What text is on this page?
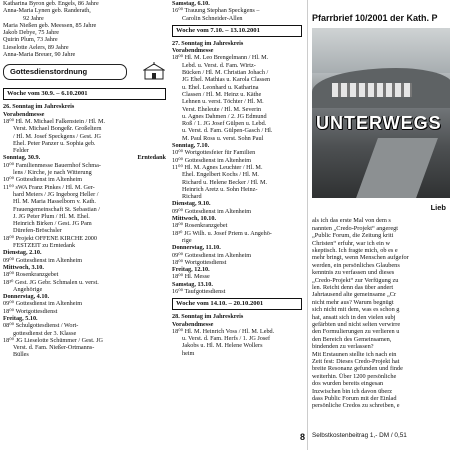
Katharina Byron geb. Engels, 86 Jahre
Anna-Maria Lynen geb. Randerath,
92 Jahre
Maria Nießen geb. Meessen, 85 Jahre
Jakob Debye, 75 Jahre
Quirin Plum, 73 Jahre
Lieselotte Aelers, 89 Jahre
Anna-Maria Breuer, 90 Jahre
Gottesdienstordnung
Woche vom 30.9. – 6.10.2001
26. Sonntag im Jahreskreis
Vorabendmesse
18⁰⁰ Hl. M. Michael Falkenstein / Hl. M.
Verst. Michael Bongeßr. Großeltern
/ Hl. M. Josef Speckgens / Gest. JG
Ehel. Peter Panzer u. Sophia geb.
Felder
Sonntag, 30.9.	Erntedank
10⁰⁰ Familienmesse Bauernhof Schma-
lens / Kirche, je nach Witterung
10⁰⁰ Gottesdienst im Altenheim
11⁰⁰ sWA Franz Pinkes / Hl. M. Ger-
hard Meiers / JG Ingeborg Heller /
Hl. M. Maria Hasselborn v. Kath.
Frauengemeinschaft St. Sebastian /
J. JG Peter Plum / Hl. M. Ehel.
Heinrich Birken / Gest. JG Pam
Dürefen-Bröschsler
18⁰⁰ Projekt OFFENE KIRCHE 2000
FESTZEIT zu Erntedank
Dienstag, 2.10.
09⁰⁰ Gottesdienst im Altenheim
Mittwoch, 3.10.
18⁰⁰ Rosenkranzgebet
18³⁰ Gest. JG Gebr. Schmalen u. verst.
Angehörige
Donnerstag, 4.10.
09⁰⁰ Gottesdienst im Altenheim
18⁰⁰ Wortgottesdienst
Freitag, 5.10.
08⁰⁰ Schulgottesdienst / Wort-
gottesdienst der 3. Klasse
18⁰⁰ JG Lieselotte Schümmer / Gest. JG
Verst. d. Fam. Nießer-Ortmanns-
Bülles
Samstag, 6.10.
16⁰⁰ Trauung Stephan Speckgens –
Carolin Schneider-Allen
Woche vom 7.10. – 13.10.2001
27. Sonntag im Jahreskreis
Vorabendmesse
18⁰⁰ Hl. M. Leo Brengelmann / Hl. M.
Lebd. u. Verst. d. Fam. Wirtz-
Bücken / Hl. M. Christian Johach /
JG Ehel. Mathias u. Karola Classen
u. Ehel. Leonhard u. Katharina
Classen / Hl. M. Heinz u. Käthe
Lehnen u. verst. Töchter / Hl. M.
Verst. Eheleute / Hl. M. Severin
u. Agnes Dahmen / 2. JG Edmund
Roß / 1. JG Josef Gülpen u. Lebd.
u. Verst. d. Fam. Gülpen-Gasch / Hl.
M. Paul Ross u. verst. Sohn Paul
Sonntag, 7.10.
10⁰⁰ Wortgottesfeier für Familien
10⁰⁰ Gottesdienst im Altenheim
11⁰⁰ Hl. M. Agnes Leuchter / Hl. M.
Ehel. Engelbert Kochs / Hl. M.
Richard u. Helene Becker / Hl. M.
Heinrich Aretz u. Sohn Heinz-
Richard
Dienstag, 9.10.
09⁰⁰ Gottesdienst im Altenheim
Mittwoch, 10.10.
18⁰⁰ Rosenkranzgebet
18³⁰ JG Wilh. u. Josef Priem u. Angehö-
rige
Donnerstag, 11.10.
09⁰⁰ Gottesdienst im Altenheim
18⁰⁰ Wortgottesdienst
Freitag, 12.10.
18⁰⁰ Hl. Messe
Samstag, 13.10.
16⁰⁰ Taufgottesdienst
Woche vom 14.10. – 20.10.2001
28. Sonntag im Jahreskreis
Vorabendmesse
18⁰⁰ Hl. M. Heinrich Voss / Hl. M. Lebd.
u. Verst. d. Fam. Herfs / 1. JG Josef
Jakobs u. Hl. M. Helene Wollers
heim
Pfarrbrief 10/2001 der Kath. P
UNTERWEGS
Lieb
als ich das erste Mal von dem s
nannten „Credo-Projekt“ angeregt
„Public Forum, die Zeitung kriti
Christen“ erfuhr, war ich ein w
skeptisch. Ich fragte mich, ob es e
mehr bringt, wenn Menschen aufgefor
werden, ein persönliches Glaubens
kenntnis zu verfassen und dieses
„Credo-Projekt“ zur Verfügung zu
len. Reicht denn das über andert
Jahrtausend alte gemeinsame „Cr
nicht mehr aus? Warum begnügt
sich nicht mit dem, was es schon g
hat, ansatt sich in den vielen subj
gefärbten und nicht selten verwirre
den Formulierungen zu verlieren u
den Bereich des Gemeinsamen,
bindenden zu verlassen?
Mit Erstaunen stellte ich nach ein
Zeit fest: Dieses Credo-Projekt hat
breite Resonanz gefunden und finde
weiterhin. Über 1200 persönliche
dos wurden bereits eingesan
Inzwischen bin ich davon überz
dass Public Forum mit der Einlad
persönliche Credos zu schreiben, e
8 Selbstkostenbeitrag 1,- DM / 0,51
